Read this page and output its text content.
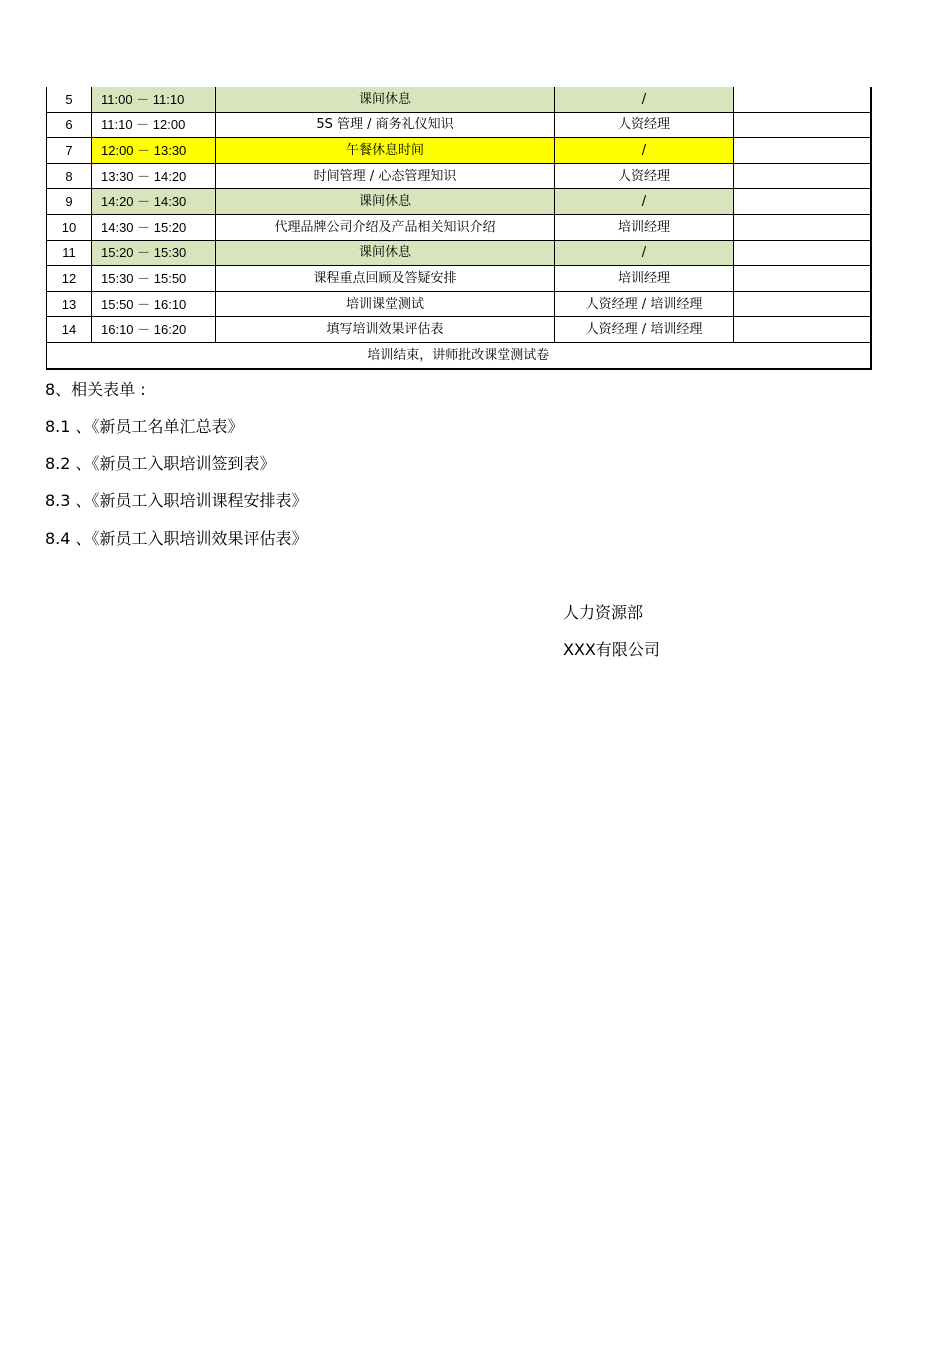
5	11:00 － 11:10	课间休息	/	
6	11:10 － 12:00	5S 管理 / 商务礼仪知识	人资经理	
7	12:00 － 13:30	午餐休息时间	/	
8	13:30 － 14:20	时间管理 / 心态管理知识	人资经理	
9	14:20 － 14:30	课间休息	/	
10	14:30 － 15:20	代理品牌公司介绍及产品相关知识介绍	培训经理	
11	15:20 － 15:30	课间休息	/	
12	15:30 － 15:50	课程重点回顾及答疑安排	培训经理	
13	15:50 － 16:10	培训课堂测试	人资经理 / 培训经理	
14	16:10 － 16:20	填写培训效果评估表	人资经理 / 培训经理	
培训结束，讲师批改课堂测试卷				
8、相关表单 :
8.1 、《新员工名单汇总表》
8.2 、《新员工入职培训签到表》
8.3 、《新员工入职培训课程安排表》
8.4 、《新员工入职培训效果评估表》
人力资源部
XXX有限公司
